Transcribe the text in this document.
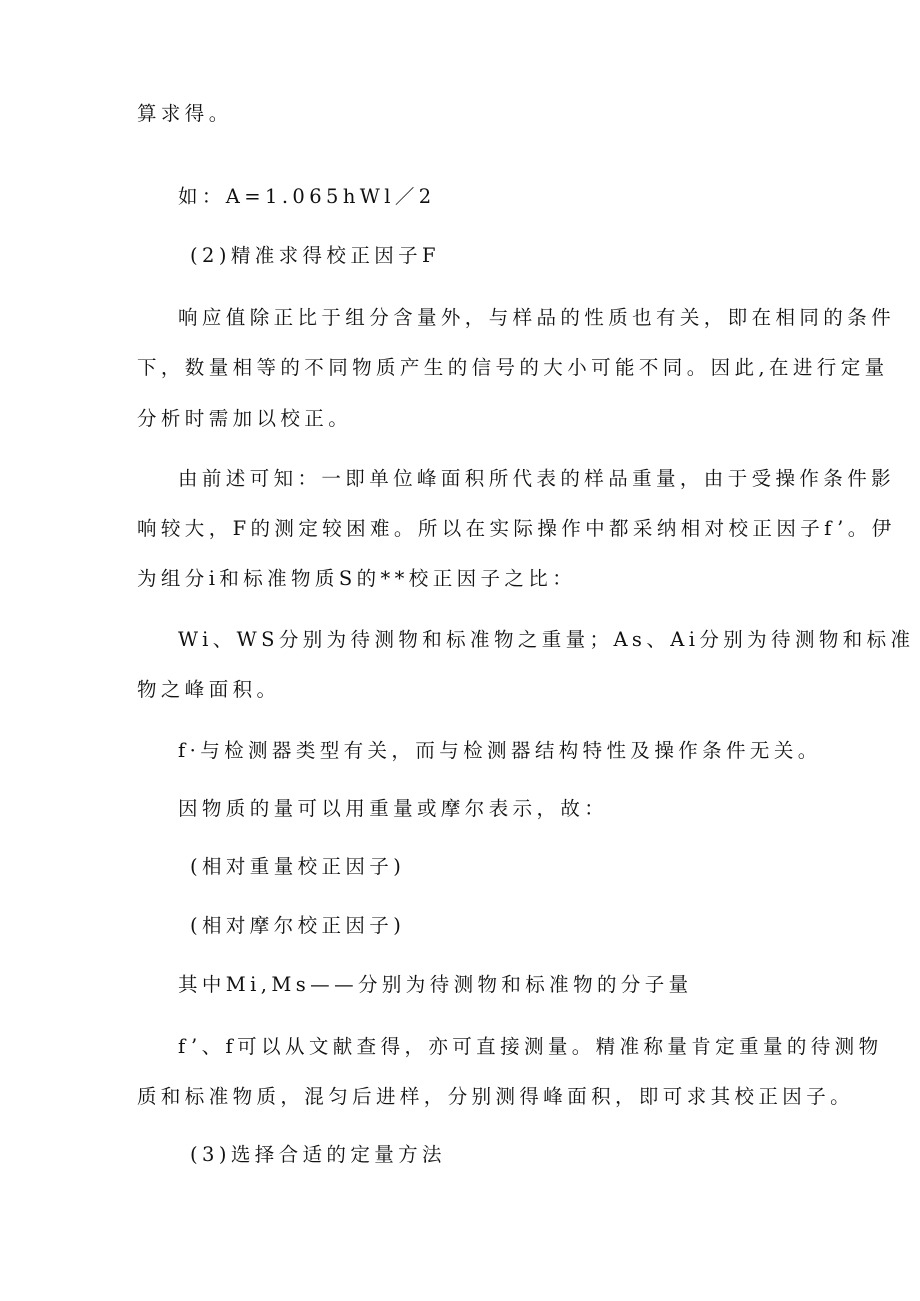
算求得。
如：A=1.065hWl／2
(2)精准求得校正因子F
响应值除正比于组分含量外，与样品的性质也有关，即在相同的条件
下，数量相等的不同物质产生的信号的大小可能不同。因此,在进行定量
分析时需加以校正。
由前述可知：一即单位峰面积所代表的样品重量，由于受操作条件影
响较大，F的测定较困难。所以在实际操作中都采纳相对校正因子f’。伊
为组分i和标准物质S的**校正因子之比：
Wi、WS分别为待测物和标准物之重量；As、Ai分别为待测物和标准
物之峰面积。
f·与检测器类型有关，而与检测器结构特性及操作条件无关。
因物质的量可以用重量或摩尔表示，故：
(相对重量校正因子)
(相对摩尔校正因子)
其中Mi,Ms——分别为待测物和标准物的分子量
f’、f可以从文献查得，亦可直接测量。精准称量肯定重量的待测物
质和标准物质，混匀后进样，分别测得峰面积，即可求其校正因子。
(3)选择合适的定量方法
